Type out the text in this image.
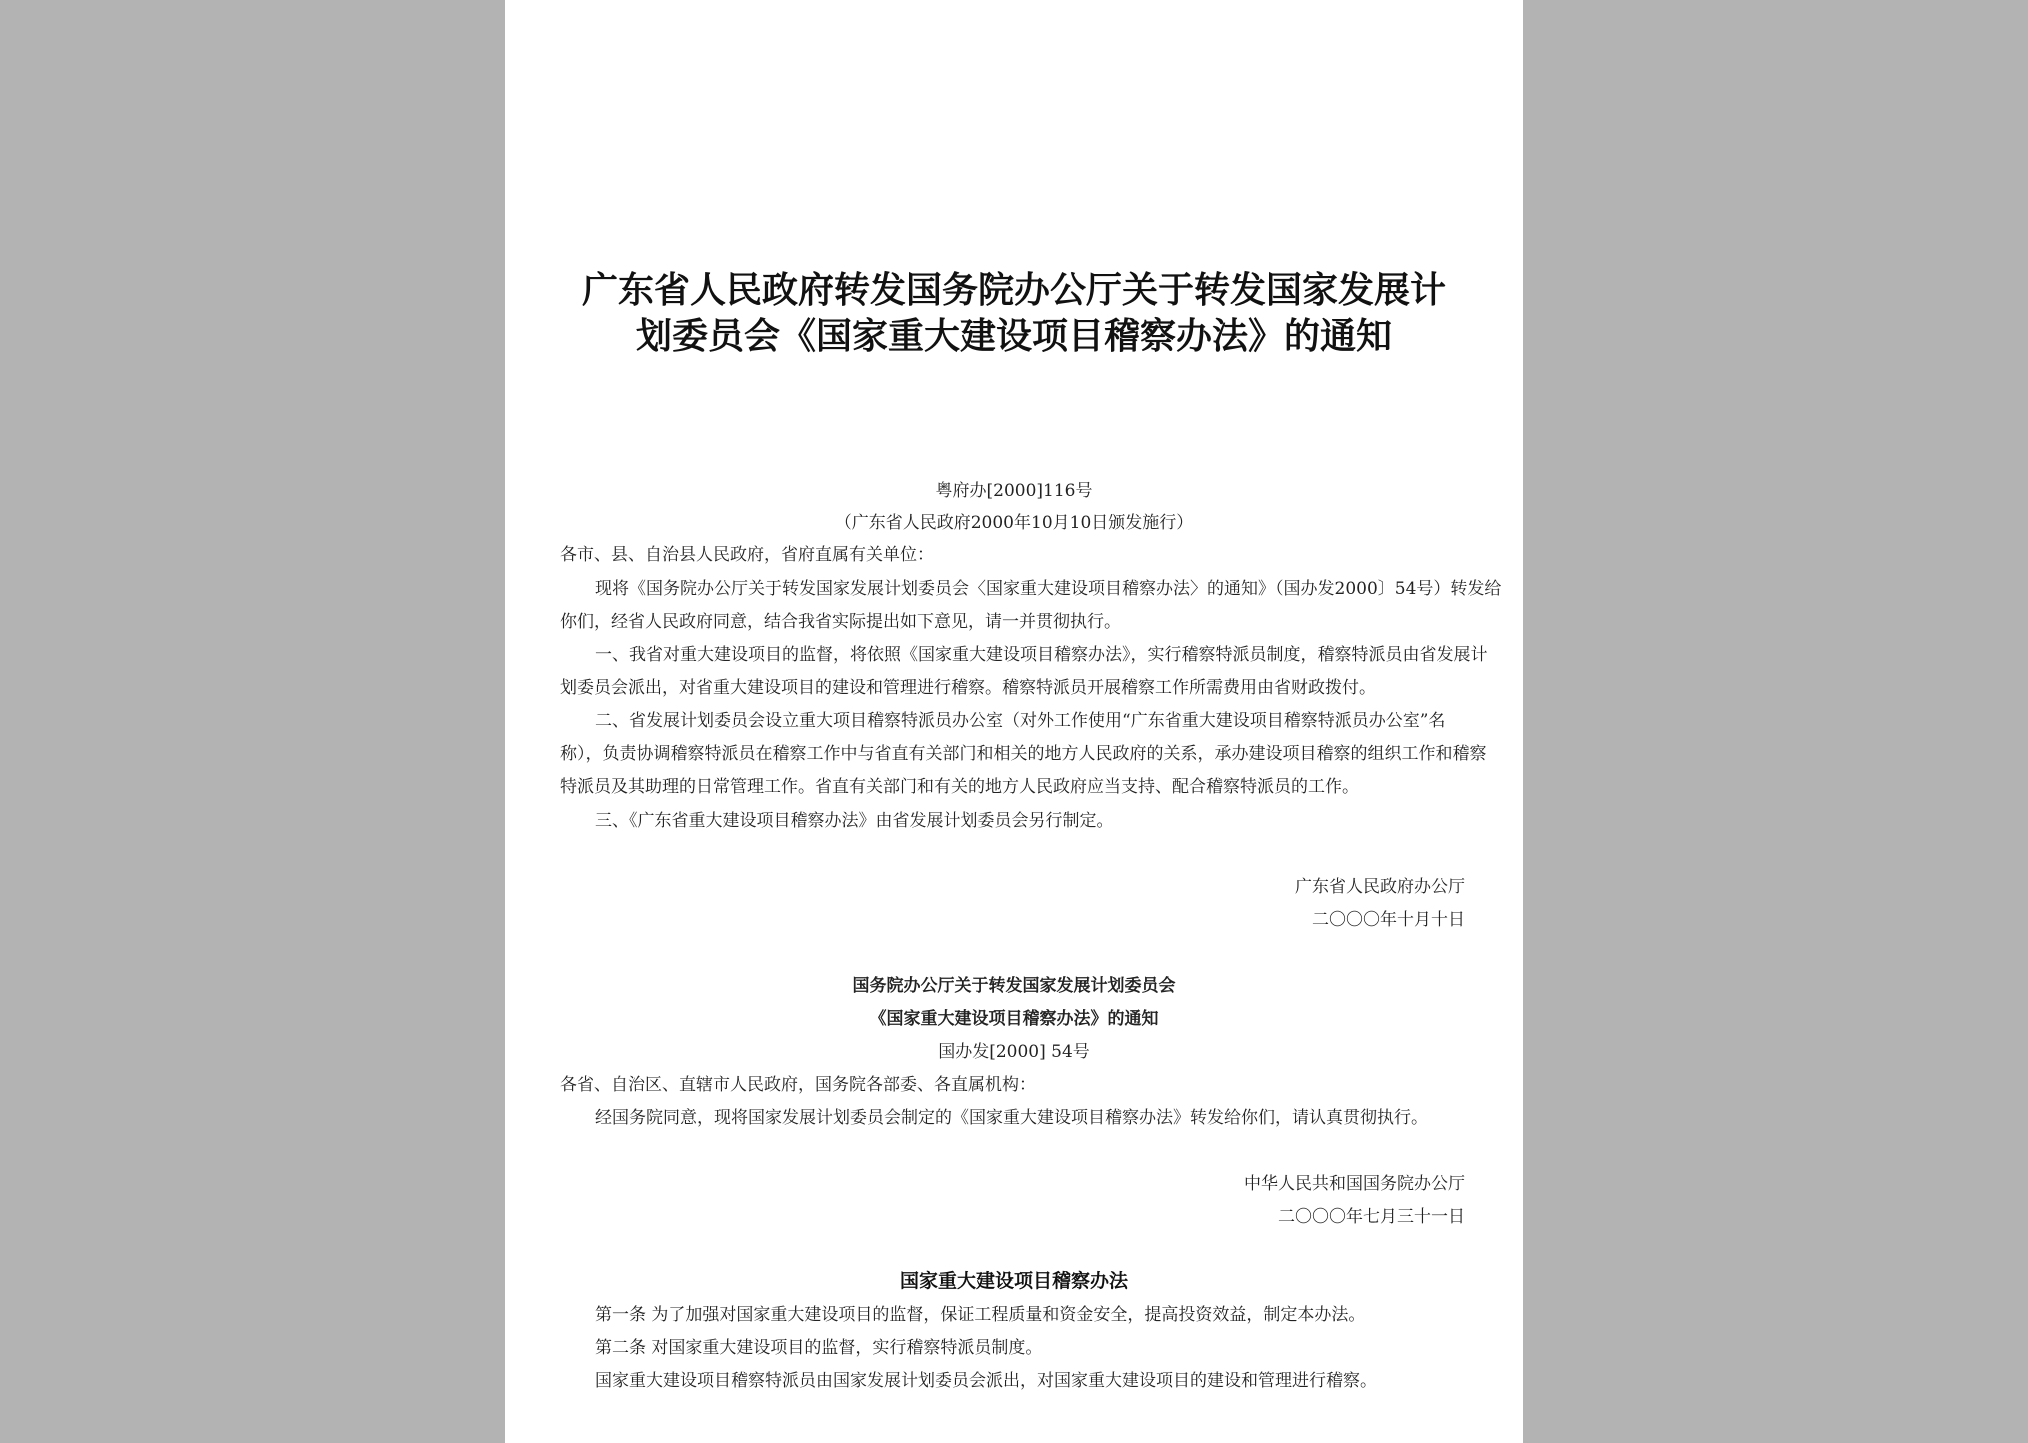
广东省人民政府转发国务院办公厅关于转发国家发展计
划委员会《国家重大建设项目稽察办法》的通知
粤府办[2000]116号
（广东省人民政府2000年10月10日颁发施行）
各市、县、自治县人民政府，省府直属有关单位：
现将《国务院办公厅关于转发国家发展计划委员会〈国家重大建设项目稽察办法〉的通知》（国办发2000〕54号）转发给
你们，经省人民政府同意，结合我省实际提出如下意见，请一并贯彻执行。
一、我省对重大建设项目的监督，将依照《国家重大建设项目稽察办法》，实行稽察特派员制度，稽察特派员由省发展计
划委员会派出，对省重大建设项目的建设和管理进行稽察。稽察特派员开展稽察工作所需费用由省财政拨付。
二、省发展计划委员会设立重大项目稽察特派员办公室（对外工作使用“广东省重大建设项目稽察特派员办公室”名
称），负责协调稽察特派员在稽察工作中与省直有关部门和相关的地方人民政府的关系，承办建设项目稽察的组织工作和稽察
特派员及其助理的日常管理工作。省直有关部门和有关的地方人民政府应当支持、配合稽察特派员的工作。
三、《广东省重大建设项目稽察办法》由省发展计划委员会另行制定。
广东省人民政府办公厅
二〇〇〇年十月十日
国务院办公厅关于转发国家发展计划委员会
《国家重大建设项目稽察办法》的通知
国办发[2000] 54号
各省、自治区、直辖市人民政府，国务院各部委、各直属机构：
经国务院同意，现将国家发展计划委员会制定的《国家重大建设项目稽察办法》转发给你们，请认真贯彻执行。
中华人民共和国国务院办公厅
二〇〇〇年七月三十一日
国家重大建设项目稽察办法
第一条 为了加强对国家重大建设项目的监督，保证工程质量和资金安全，提高投资效益，制定本办法。
第二条 对国家重大建设项目的监督，实行稽察特派员制度。
国家重大建设项目稽察特派员由国家发展计划委员会派出，对国家重大建设项目的建设和管理进行稽察。
